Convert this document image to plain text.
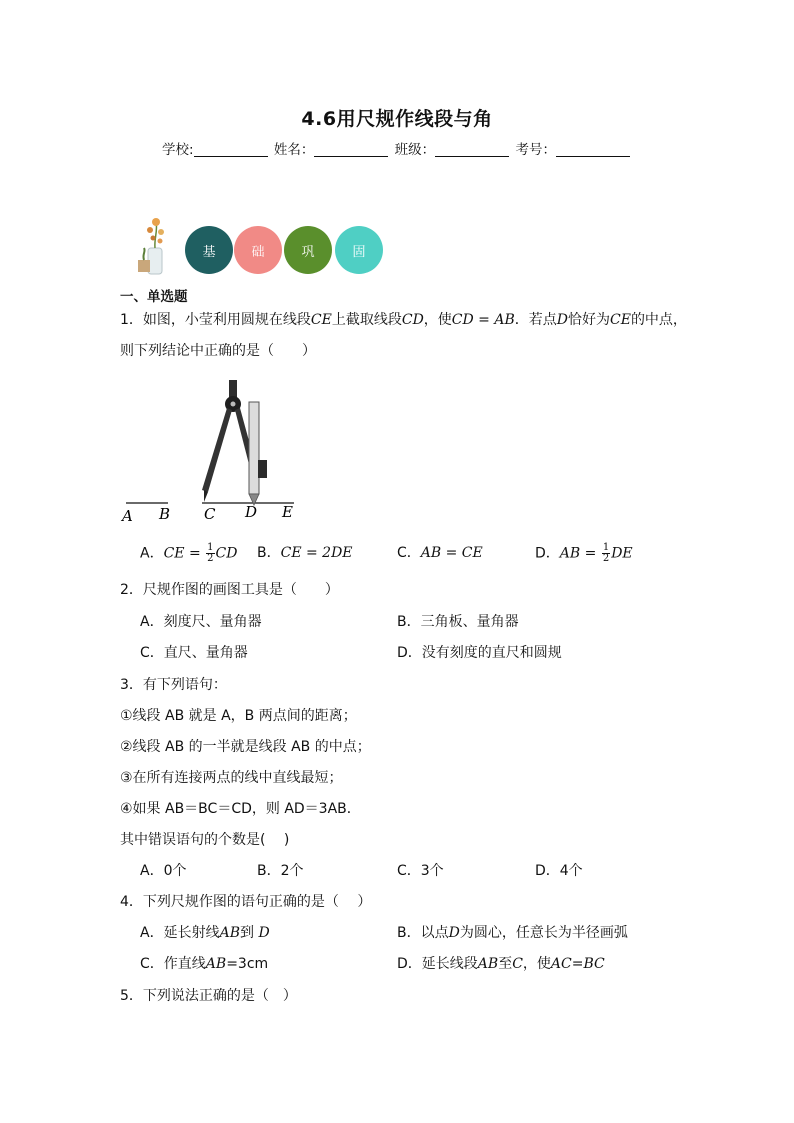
4.6用尺规作线段与角
学校:	姓名：	班级：	考号：
基	础	巩	固
一、单选题
1．如图，小莹利用圆规在线段CE上截取线段CD，使CD = AB．若点D恰好为CE的中点，
则下列结论中正确的是（　　）
A B C D E
A．CE = $\frac{1}{2}$ CD B．CE = 2DE	C．AB = CE	D．AB = $\frac{1}{2}$ DE
2．尺规作图的画图工具是（　　）
A．刻度尺、量角器	B．三角板、量角器
C．直尺、量角器	D．没有刻度的直尺和圆规
3．有下列语句：
①线段 AB 就是 A，B 两点间的距离；
②线段 AB 的一半就是线段 AB 的中点；
③在所有连接两点的线中直线最短；
④如果 AB＝BC＝CD，则 AD＝3AB．
其中错误语句的个数是(　 )
A．0个	B．2个	C．3个	D．4个
4．下列尺规作图的语句正确的是（　 ）
A．延长射线AB到 D	B．以点D为圆心，任意长为半径画弧
C．作直线AB=3cm	D．延长线段AB至C，使AC=BC
5．下列说法正确的是（　）
